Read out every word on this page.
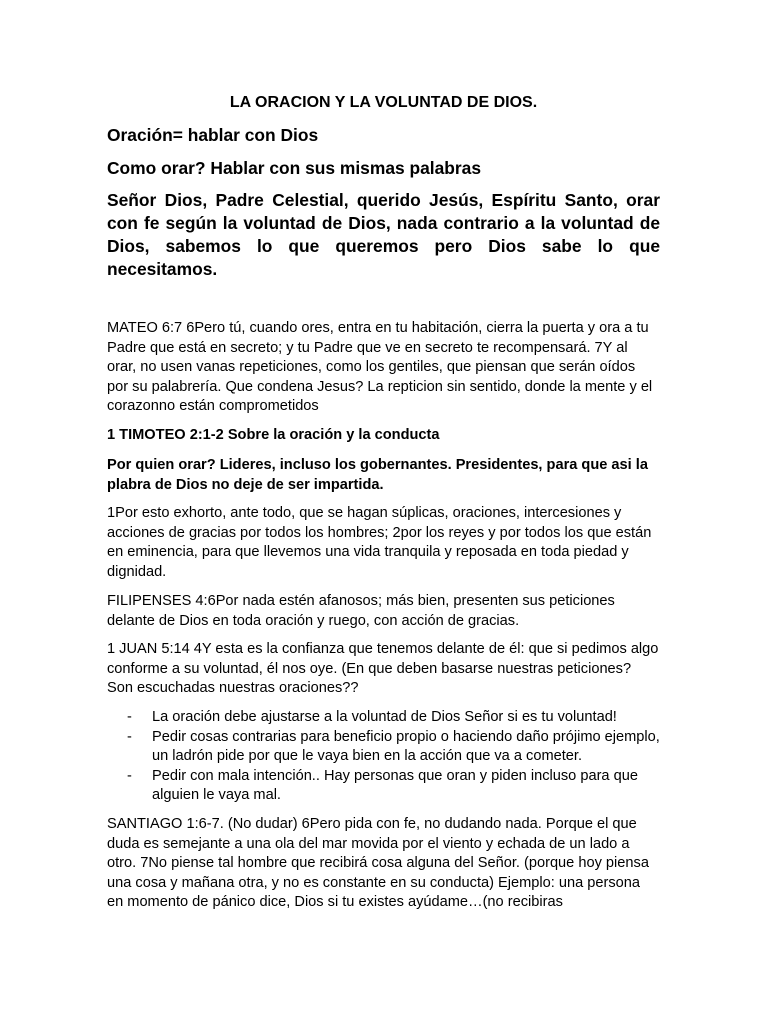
LA ORACION Y LA VOLUNTAD DE DIOS.

Oración= hablar con Dios

Como orar? Hablar con sus mismas palabras

Señor Dios, Padre Celestial, querido Jesús, Espíritu Santo, orar con fe según la voluntad de Dios, nada contrario a la voluntad de Dios, sabemos lo que queremos pero Dios sabe lo que necesitamos.

MATEO 6:7 6Pero tú, cuando ores, entra en tu habitación, cierra la puerta y ora a tu Padre que está en secreto; y tu Padre que ve en secreto te recompensará. 7Y al orar, no usen vanas repeticiones, como los gentiles, que piensan que serán oídos por su palabrería. Que condena Jesus? La repticion sin sentido, donde la mente y el corazonno están comprometidos

1 TIMOTEO 2:1-2 Sobre la oración y la conducta

Por quien orar? Lideres, incluso los gobernantes. Presidentes, para que asi la plabra de Dios no deje de ser impartida.

1Por esto exhorto, ante todo, que se hagan súplicas, oraciones, intercesiones y acciones de gracias por todos los hombres; 2por los reyes y por todos los que están en eminencia, para que llevemos una vida tranquila y reposada en toda piedad y dignidad.

FILIPENSES 4:6Por nada estén afanosos; más bien, presenten sus peticiones delante de Dios en toda oración y ruego, con acción de gracias.

1 JUAN 5:14 4Y esta es la confianza que tenemos delante de él: que si pedimos algo conforme a su voluntad, él nos oye. (En que deben basarse nuestras peticiones? Son escuchadas nuestras oraciones??

- La oración debe ajustarse a la voluntad de Dios Señor si es tu voluntad!
- Pedir cosas contrarias para beneficio propio o haciendo daño prójimo ejemplo, un ladrón pide por que le vaya bien en la acción que va a cometer.
- Pedir con mala intención.. Hay personas que oran y piden incluso para que alguien le vaya mal.

SANTIAGO 1:6-7. (No dudar) 6Pero pida con fe, no dudando nada. Porque el que duda es semejante a una ola del mar movida por el viento y echada de un lado a otro. 7No piense tal hombre que recibirá cosa alguna del Señor. (porque hoy piensa una cosa y mañana otra, y no es constante en su conducta) Ejemplo: una persona en momento de pánico dice, Dios si tu existes ayúdame…(no recibiras
